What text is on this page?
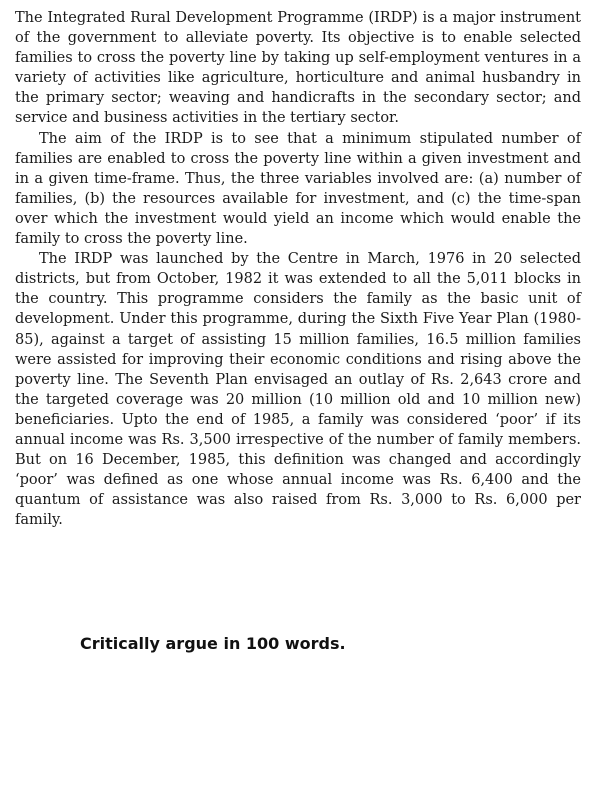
The Integrated Rural Development Programme (IRDP) is a major instrument of the government to alleviate poverty. Its objective is to enable selected families to cross the poverty line by taking up self-employment ventures in a variety of activities like agriculture, horticulture and animal husbandry in the primary sector; weaving and handicrafts in the secondary sector; and service and business activities in the tertiary sector.

The aim of the IRDP is to see that a minimum stipulated number of families are enabled to cross the poverty line within a given investment and in a given time-frame. Thus, the three variables involved are: (a) number of families, (b) the resources available for investment, and (c) the time-span over which the investment would yield an income which would enable the family to cross the poverty line.

The IRDP was launched by the Centre in March, 1976 in 20 selected districts, but from October, 1982 it was extended to all the 5,011 blocks in the country. This programme considers the family as the basic unit of development. Under this programme, during the Sixth Five Year Plan (1980-85), against a target of assisting 15 million families, 16.5 million families were assisted for improving their economic conditions and rising above the poverty line. The Seventh Plan envisaged an outlay of Rs. 2,643 crore and the targeted coverage was 20 million (10 million old and 10 million new) beneficiaries. Upto the end of 1985, a family was considered ‘poor’ if its annual income was Rs. 3,500 irrespective of the number of family members. But on 16 December, 1985, this definition was changed and accordingly ‘poor’ was defined as one whose annual income was Rs. 6,400 and the quantum of assistance was also raised from Rs. 3,000 to Rs. 6,000 per family.

Critically argue in 100 words.
